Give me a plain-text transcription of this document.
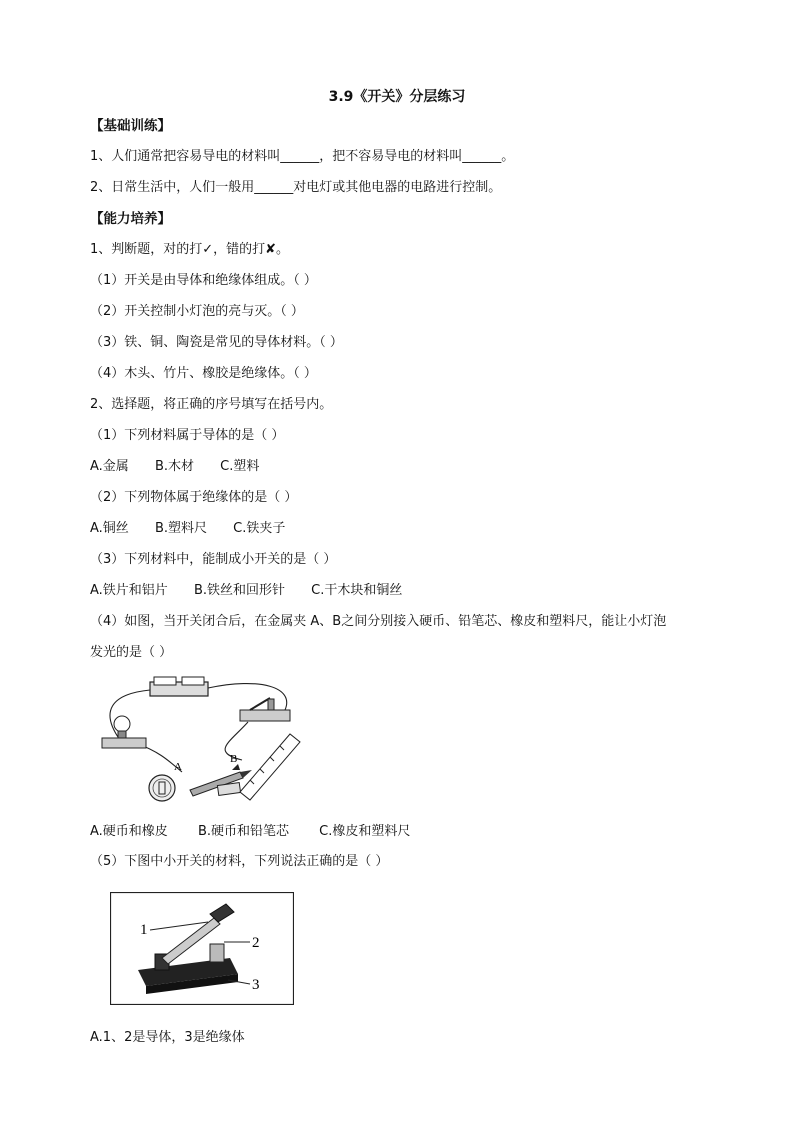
3.9《开关》分层练习
【基础训练】
1、人们通常把容易导电的材料叫______，把不容易导电的材料叫______。
2、日常生活中，人们一般用______对电灯或其他电器的电路进行控制。
【能力培养】
1、判断题，对的打✓，错的打✘。
（1）开关是由导体和绝缘体组成。（ ）
（2）开关控制小灯泡的亮与灭。（ ）
（3）铁、铜、陶瓷是常见的导体材料。（ ）
（4）木头、竹片、橡胶是绝缘体。（ ）
2、选择题，将正确的序号填写在括号内。
（1）下列材料属于导体的是（ ）
A.金属 B.木材 C.塑料
（2）下列物体属于绝缘体的是（ ）
A.铜丝 B.塑料尺 C.铁夹子
（3）下列材料中，能制成小开关的是（ ）
A.铁片和铝片 B.铁丝和回形针 C.干木块和铜丝
（4）如图，当开关闭合后，在金属夹 A、B之间分别接入硬币、铅笔芯、橡皮和塑料尺，能让小灯泡
发光的是（ ）
A
B
A.硬币和橡皮 B.硬币和铅笔芯 C.橡皮和塑料尺
（5）下图中小开关的材料，下列说法正确的是（ ）
1
2
3
A.1、2是导体，3是绝缘体
